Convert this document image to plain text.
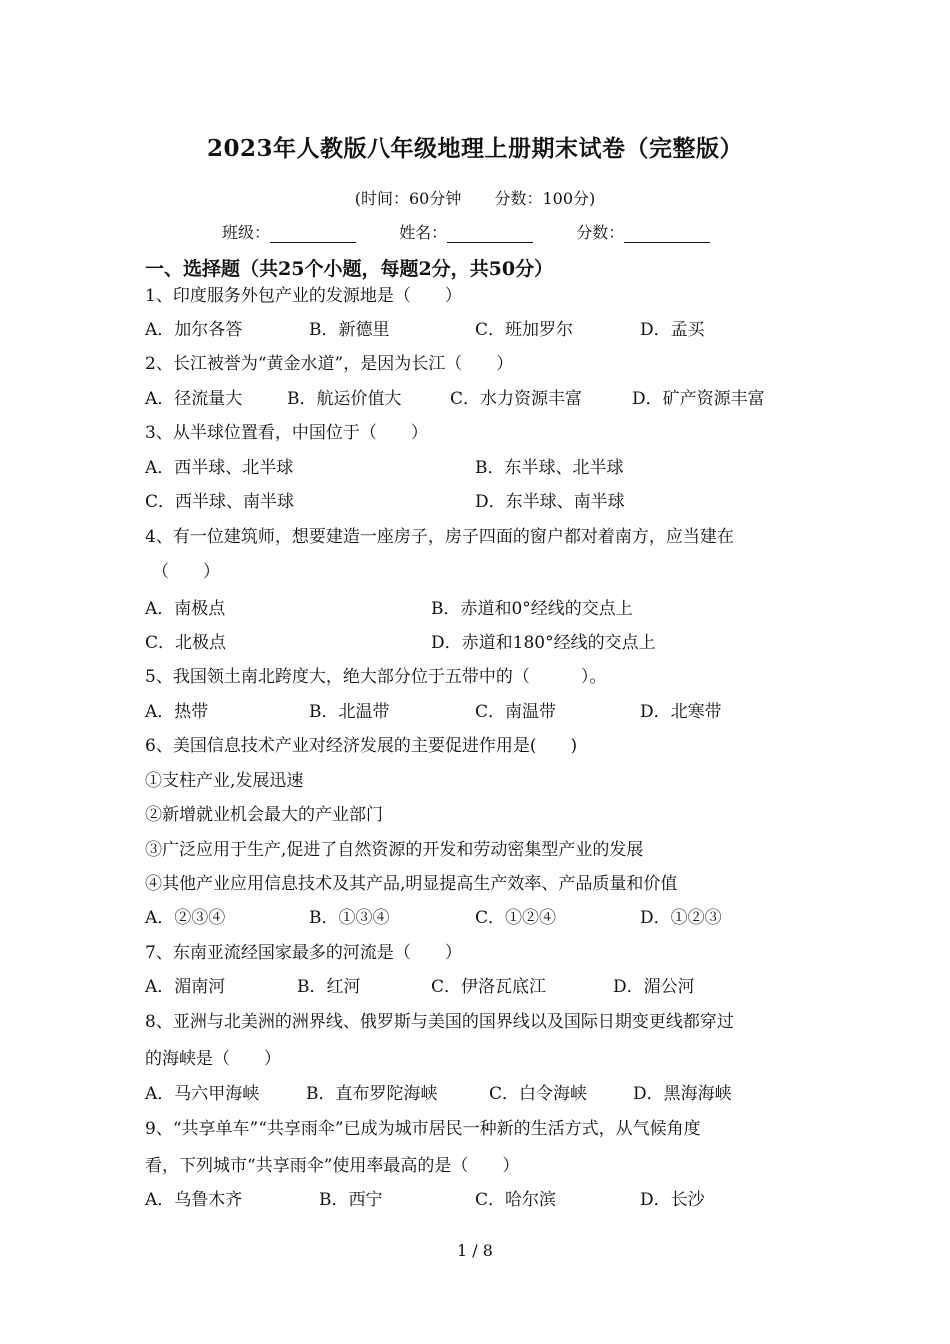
2023年人教版八年级地理上册期末试卷（完整版）
(时间：60分钟 分数：100分)
班级：	姓名：	分数：
一、选择题（共25个小题，每题2分，共50分）
1、印度服务外包产业的发源地是（　　）
A．加尔各答	B．新德里	C．班加罗尔	D．孟买
2、长江被誉为“黄金水道”，是因为长江（　　）
A．径流量大	B．航运价值大	C．水力资源丰富	D．矿产资源丰富
3、从半球位置看，中国位于（　　）
A．西半球、北半球	B．东半球、北半球
C．西半球、南半球	D．东半球、南半球
4、有一位建筑师，想要建造一座房子，房子四面的窗户都对着南方，应当建在
（　　）
A．南极点	B．赤道和0°经线的交点上
C．北极点	D．赤道和180°经线的交点上
5、我国领土南北跨度大，绝大部分位于五带中的（　　　）。
A．热带	B．北温带	C．南温带	D．北寒带
6、美国信息技术产业对经济发展的主要促进作用是(　　)
①支柱产业,发展迅速
②新增就业机会最大的产业部门
③广泛应用于生产,促进了自然资源的开发和劳动密集型产业的发展
④其他产业应用信息技术及其产品,明显提高生产效率、产品质量和价值
A．②③④	B．①③④	C．①②④	D．①②③
7、东南亚流经国家最多的河流是（　　）
A．湄南河	B．红河	C．伊洛瓦底江	D．湄公河
8、亚洲与北美洲的洲界线、俄罗斯与美国的国界线以及国际日期变更线都穿过
的海峡是（　　）
A．马六甲海峡	B．直布罗陀海峡	C．白令海峡	D．黑海海峡
9、“共享单车”“共享雨伞”已成为城市居民一种新的生活方式，从气候角度
看，下列城市“共享雨伞”使用率最高的是（　　）
A．乌鲁木齐	B．西宁	C．哈尔滨	D．长沙
1 / 8
